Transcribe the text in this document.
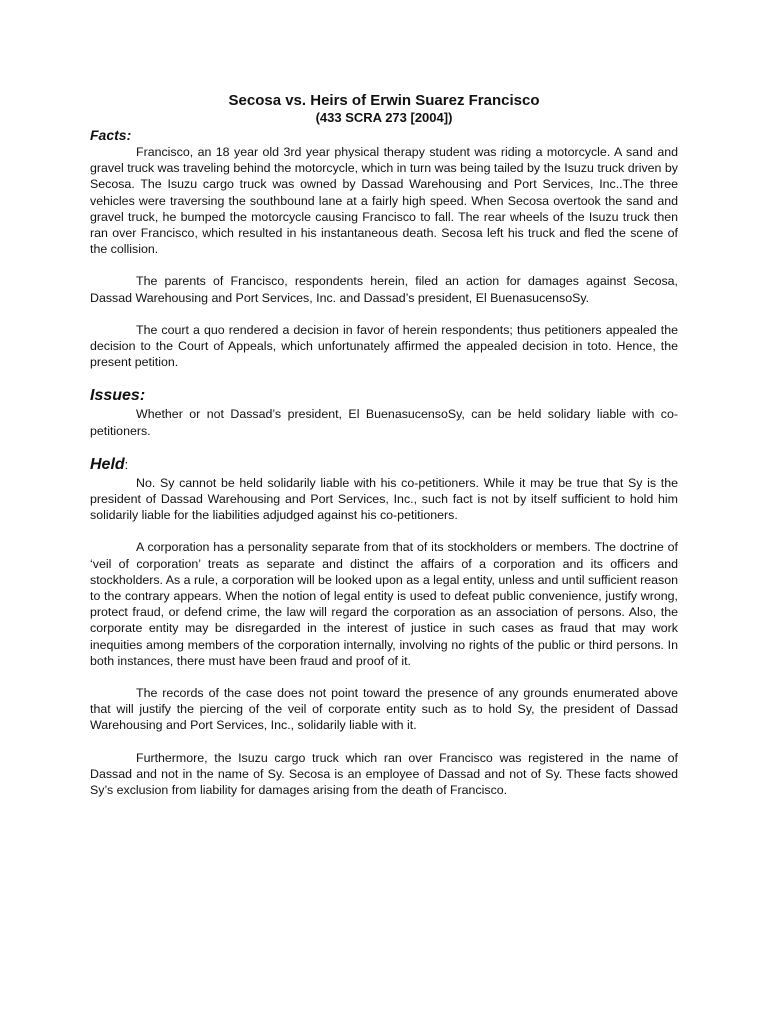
Secosa vs. Heirs of Erwin Suarez Francisco
(433 SCRA 273 [2004])
Facts:

Francisco, an 18 year old 3rd year physical therapy student was riding a motorcycle. A sand and gravel truck was traveling behind the motorcycle, which in turn was being tailed by the Isuzu truck driven by Secosa. The Isuzu cargo truck was owned by Dassad Warehousing and Port Services, Inc..The three vehicles were traversing the southbound lane at a fairly high speed. When Secosa overtook the sand and gravel truck, he bumped the motorcycle causing Francisco to fall. The rear wheels of the Isuzu truck then ran over Francisco, which resulted in his instantaneous death. Secosa left his truck and fled the scene of the collision.

The parents of Francisco, respondents herein, filed an action for damages against Secosa, Dassad Warehousing and Port Services, Inc. and Dassad’s president, El BuenasucensoSy.

The court a quo rendered a decision in favor of herein respondents; thus petitioners appealed the decision to the Court of Appeals, which unfortunately affirmed the appealed decision in toto. Hence, the present petition.

Issues:

Whether or not Dassad’s president, El BuenasucensoSy, can be held solidary liable with co-petitioners.

Held:

No. Sy cannot be held solidarily liable with his co-petitioners. While it may be true that Sy is the president of Dassad Warehousing and Port Services, Inc., such fact is not by itself sufficient to hold him solidarily liable for the liabilities adjudged against his co-petitioners.

A corporation has a personality separate from that of its stockholders or members. The doctrine of ‘veil of corporation’ treats as separate and distinct the affairs of a corporation and its officers and stockholders. As a rule, a corporation will be looked upon as a legal entity, unless and until sufficient reason to the contrary appears. When the notion of legal entity is used to defeat public convenience, justify wrong, protect fraud, or defend crime, the law will regard the corporation as an association of persons. Also, the corporate entity may be disregarded in the interest of justice in such cases as fraud that may work inequities among members of the corporation internally, involving no rights of the public or third persons. In both instances, there must have been fraud and proof of it.

The records of the case does not point toward the presence of any grounds enumerated above that will justify the piercing of the veil of corporate entity such as to hold Sy, the president of Dassad Warehousing and Port Services, Inc., solidarily liable with it.

Furthermore, the Isuzu cargo truck which ran over Francisco was registered in the name of Dassad and not in the name of Sy. Secosa is an employee of Dassad and not of Sy. These facts showed Sy’s exclusion from liability for damages arising from the death of Francisco.
